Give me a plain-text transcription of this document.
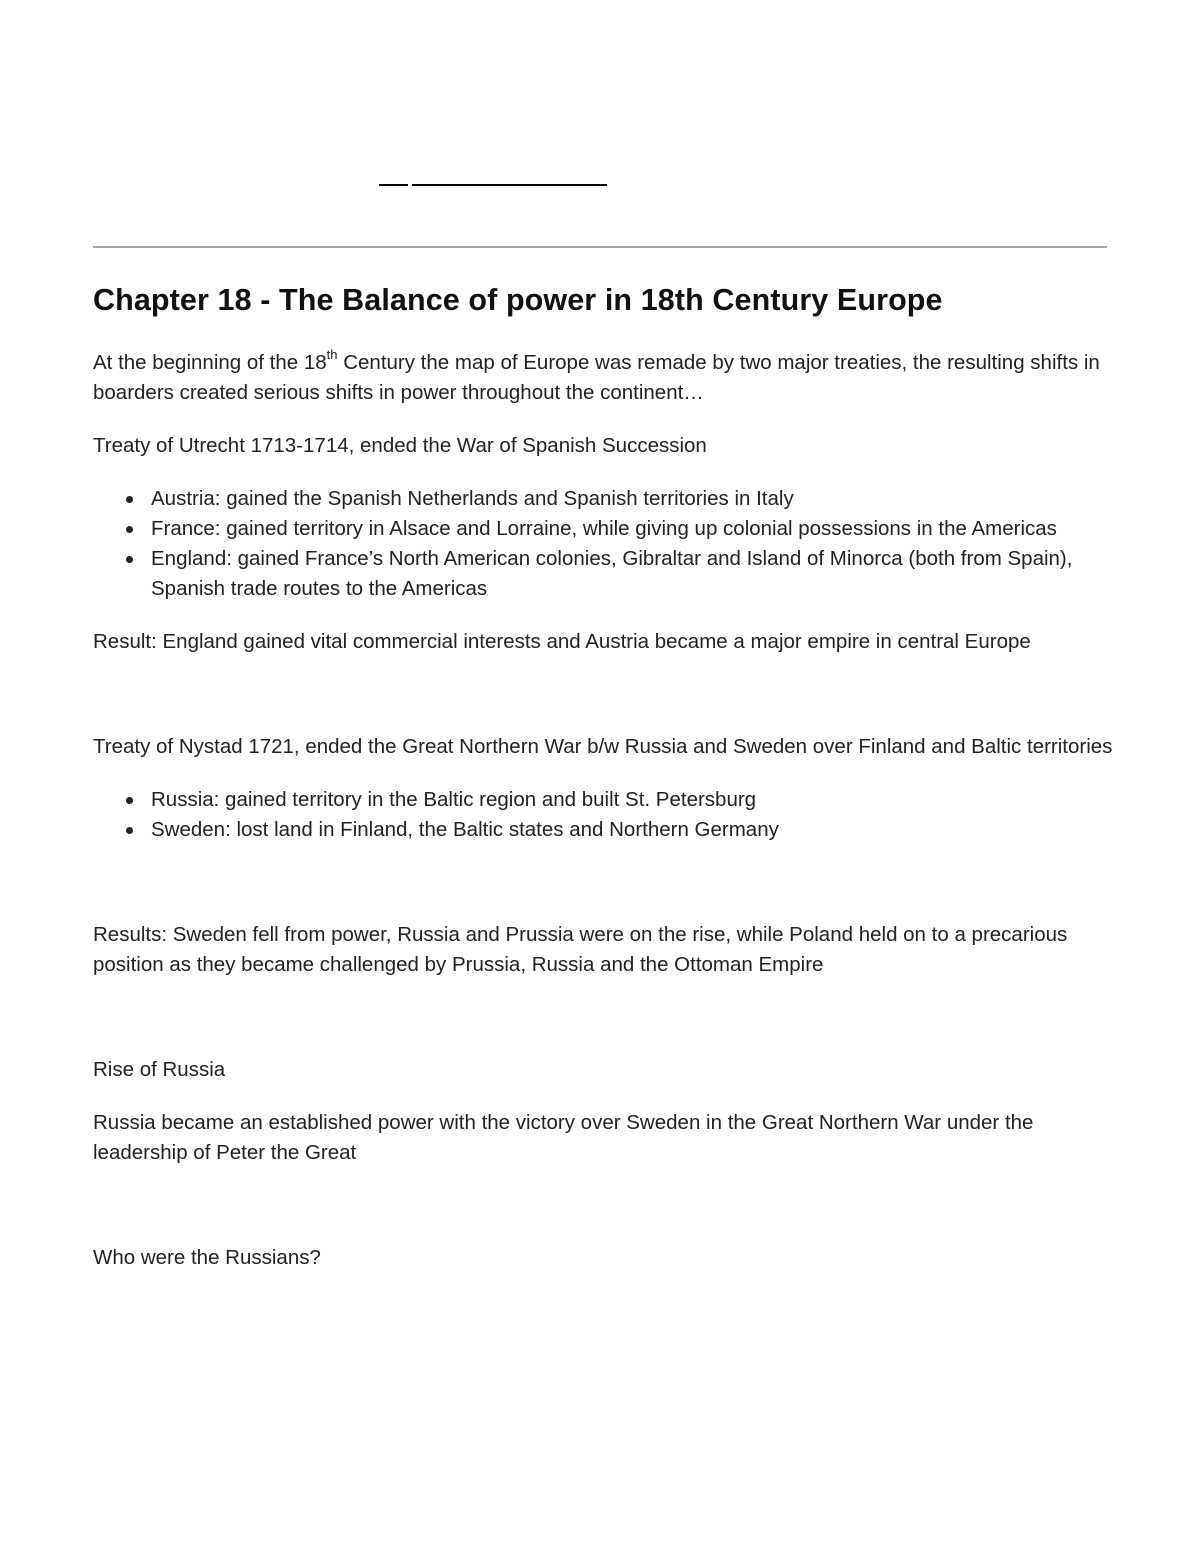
Chapter 18 - The Balance of power in 18th Century Europe

At the beginning of the 18th Century the map of Europe was remade by two major treaties, the resulting shifts in boarders created serious shifts in power throughout the continent…

Treaty of Utrecht 1713-1714, ended the War of Spanish Succession

Austria: gained the Spanish Netherlands and Spanish territories in Italy
France: gained territory in Alsace and Lorraine, while giving up colonial possessions in the Americas
England: gained France’s North American colonies, Gibraltar and Island of Minorca (both from Spain), Spanish trade routes to the Americas

Result: England gained vital commercial interests and Austria became a major empire in central Europe

Treaty of Nystad 1721, ended the Great Northern War b/w Russia and Sweden over Finland and Baltic territories

Russia: gained territory in the Baltic region and built St. Petersburg
Sweden: lost land in Finland, the Baltic states and Northern Germany

Results: Sweden fell from power, Russia and Prussia were on the rise, while Poland held on to a precarious position as they became challenged by Prussia, Russia and the Ottoman Empire

Rise of Russia

Russia became an established power with the victory over Sweden in the Great Northern War under the leadership of Peter the Great

Who were the Russians?
